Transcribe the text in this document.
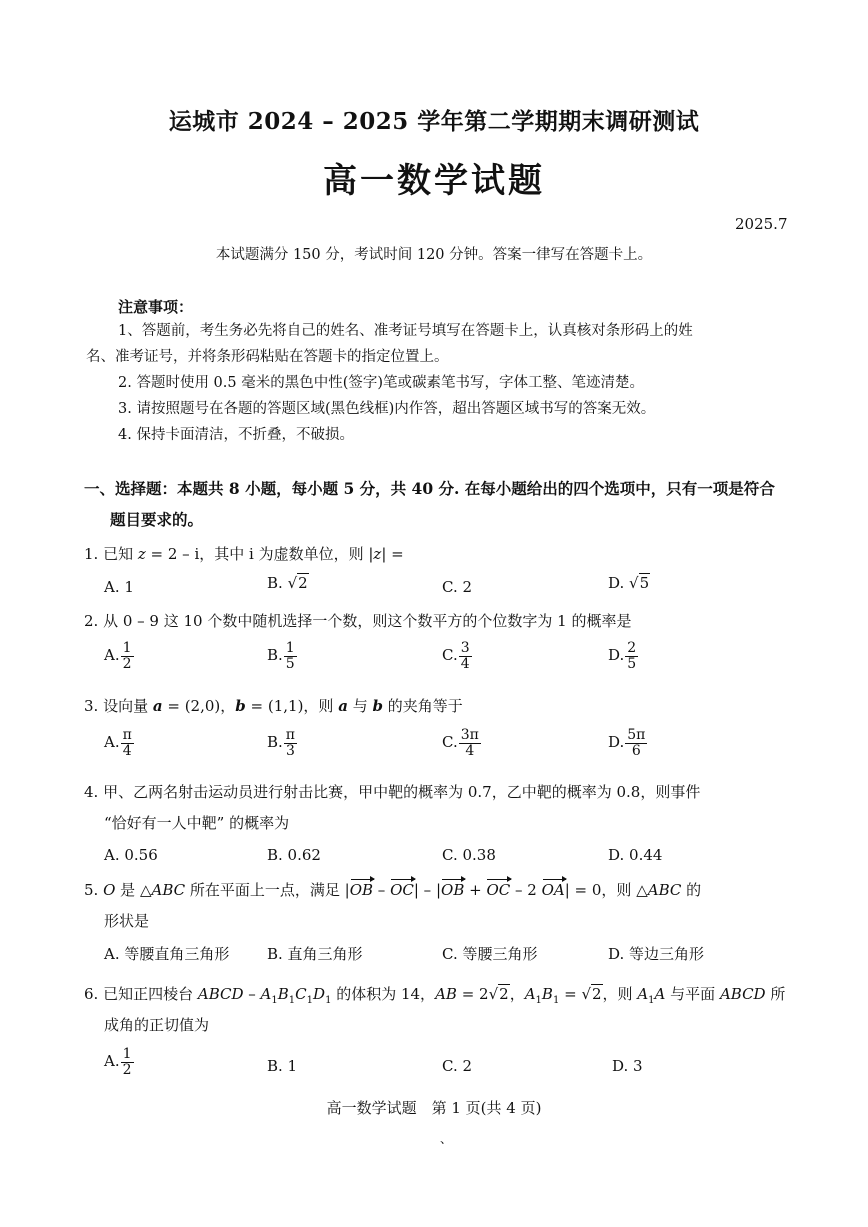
运城市 2024 – 2025 学年第二学期期末调研测试
高一数学试题
2025.7
本试题满分 150 分，考试时间 120 分钟。答案一律写在答题卡上。
注意事项：
1、答题前，考生务必先将自己的姓名、准考证号填写在答题卡上，认真核对条形码上的姓
名、准考证号，并将条形码粘贴在答题卡的指定位置上。
2. 答题时使用 0.5 毫米的黑色中性(签字)笔或碳素笔书写，字体工整、笔迹清楚。
3. 请按照题号在各题的答题区域(黑色线框)内作答，超出答题区域书写的答案无效。
4. 保持卡面清洁，不折叠，不破损。
一、选择题：本题共 8 小题，每小题 5 分，共 40 分. 在每小题给出的四个选项中，只有一项是符合
题目要求的。
1. 已知 z = 2 – i，其中 i 为虚数单位，则 |z| =
A. 1	B. √2	C. 2	D. √5
2. 从 0 – 9 这 10 个数中随机选择一个数，则这个数平方的个位数字为 1 的概率是
A. $\frac{1}{2}$	B. $\frac{1}{5}$	C. $\frac{3}{4}$	D. $\frac{2}{5}$
3. 设向量 a = (2,0)，b = (1,1)，则 a 与 b 的夹角等于
A. $\frac{\pi}{4}$	B. $\frac{\pi}{3}$	C. $\frac{3\pi}{4}$	D. $\frac{5\pi}{6}$
4. 甲、乙两名射击运动员进行射击比赛，甲中靶的概率为 0.7，乙中靶的概率为 0.8，则事件
“恰好有一人中靶” 的概率为
A. 0.56	B. 0.62	C. 0.38	D. 0.44
5. O 是 △ABC 所在平面上一点，满足 |OB – OC| – |OB + OC – 2 OA| = 0，则 △ABC 的
形状是
A. 等腰直角三角形	B. 直角三角形	C. 等腰三角形	D. 等边三角形
6. 已知正四棱台 ABCD – $A_1B_1C_1D_1$ 的体积为 14，AB = 2√2，$A_1B_1 = √2$，则 $A_1A$ 与平面 ABCD 所
成角的正切值为
A. $\frac{1}{2}$	B. 1	C. 2	D. 3
高一数学试题　第 1 页(共 4 页)
、
